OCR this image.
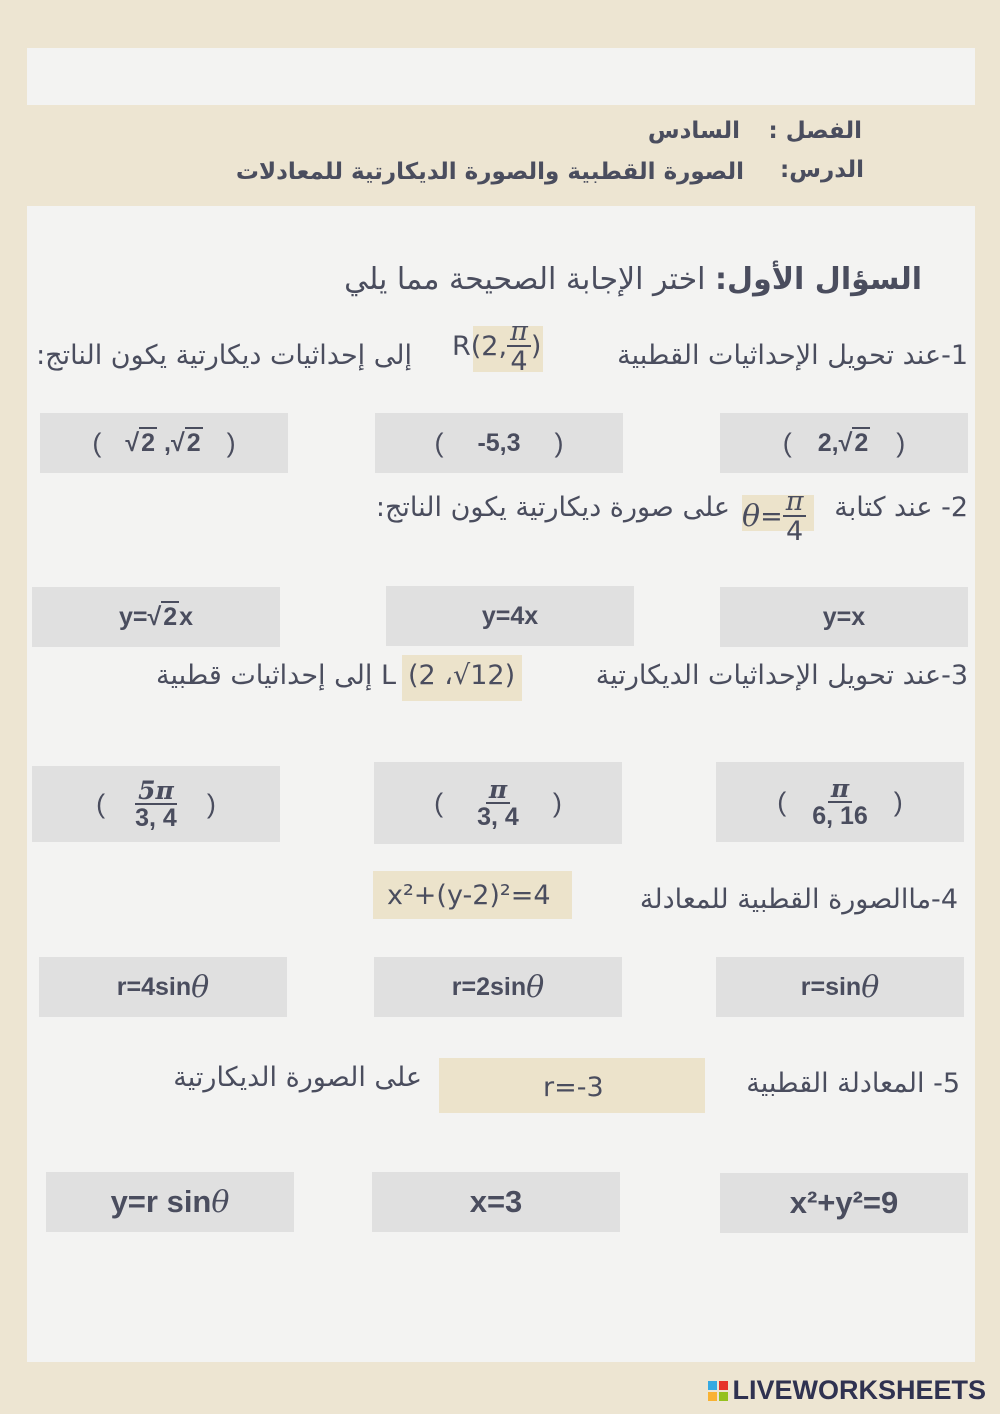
الفصل :
السادس
الدرس:
الصورة القطبية والصورة الديكارتية للمعادلات
السؤال الأول: اختر الإجابة الصحيحة مما يلي
1-عند تحويل الإحداثيات القطبية
R(2, $\frac{\pi}{4}$ )
إلى إحداثيات ديكارتية يكون الناتج:
( √2 ,√2 )	( -5,3 )	( 2,√2 )
2- عند كتابة
$\theta = \frac{\pi}{4}$
على صورة ديكارتية يكون الناتج:
y=√2x	y=4x	y=x
3-عند تحويل الإحداثيات الديكارتية
(2 ،√12)
L إلى إحداثيات قطبية
( $\frac{5\pi}{3, 4}$ )	( $\frac{\pi}{3, 4}$ )	( $\frac{\pi}{6, 16}$ )
4-ماالصورة القطبية للمعادلة
x²+(y-2)²=4
r=4sin θ	r=2sin θ	r=sin θ
5- المعادلة القطبية
r=-3
على الصورة الديكارتية
y=r sin θ	x=3	x²+y²=9
LIVEWORKSHEETS
